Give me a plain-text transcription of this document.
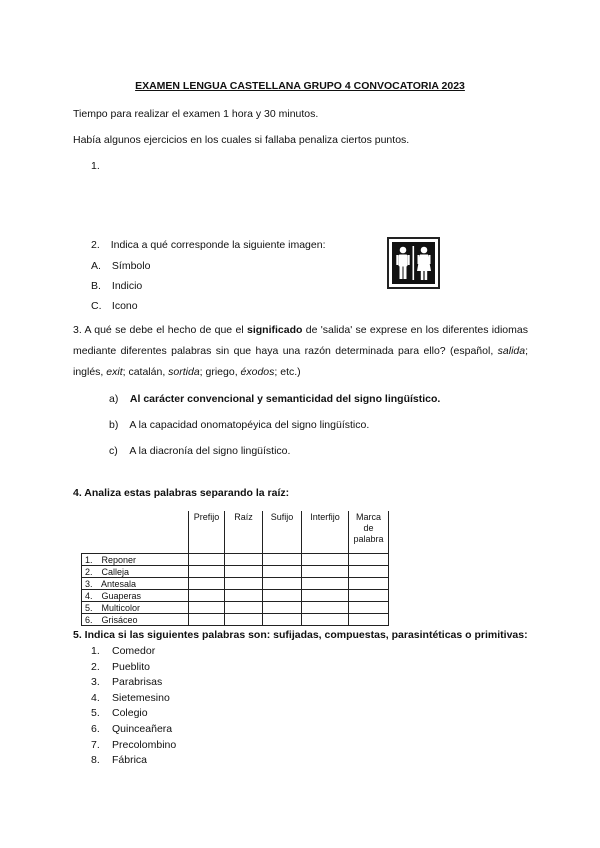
EXAMEN LENGUA CASTELLANA GRUPO 4 CONVOCATORIA 2023
Tiempo para realizar el examen 1 hora y 30 minutos.
Había algunos ejercicios en los cuales si fallaba penaliza ciertos puntos.
1.
2. Indica a qué corresponde la siguiente imagen:
A. Símbolo
B. Indicio
C. Icono
3. A qué se debe el hecho de que el significado de 'salida' se exprese en los diferentes idiomas mediante diferentes palabras sin que haya una razón determinada para ello? (español, salida; inglés, exit; catalán, sortida; griego, éxodos; etc.)
a) Al carácter convencional y semanticidad del signo lingüístico.
b) A la capacidad onomatopéyica del signo lingüístico.
c) A la diacronía del signo lingüístico.
4. Analiza estas palabras separando la raíz:
	Prefijo	Raíz	Sufijo	Interfijo	Marca de palabra
1. Reponer					
2. Calleja					
3. Antesala					
4. Guaperas					
5. Multicolor					
6. Grisáceo					
5. Indica si las siguientes palabras son: sufijadas, compuestas, parasintéticas o primitivas:
1. Comedor
2. Pueblito
3. Parabrisas
4. Sietemesino
5. Colegio
6. Quinceañera
7. Precolombino
8. Fábrica
